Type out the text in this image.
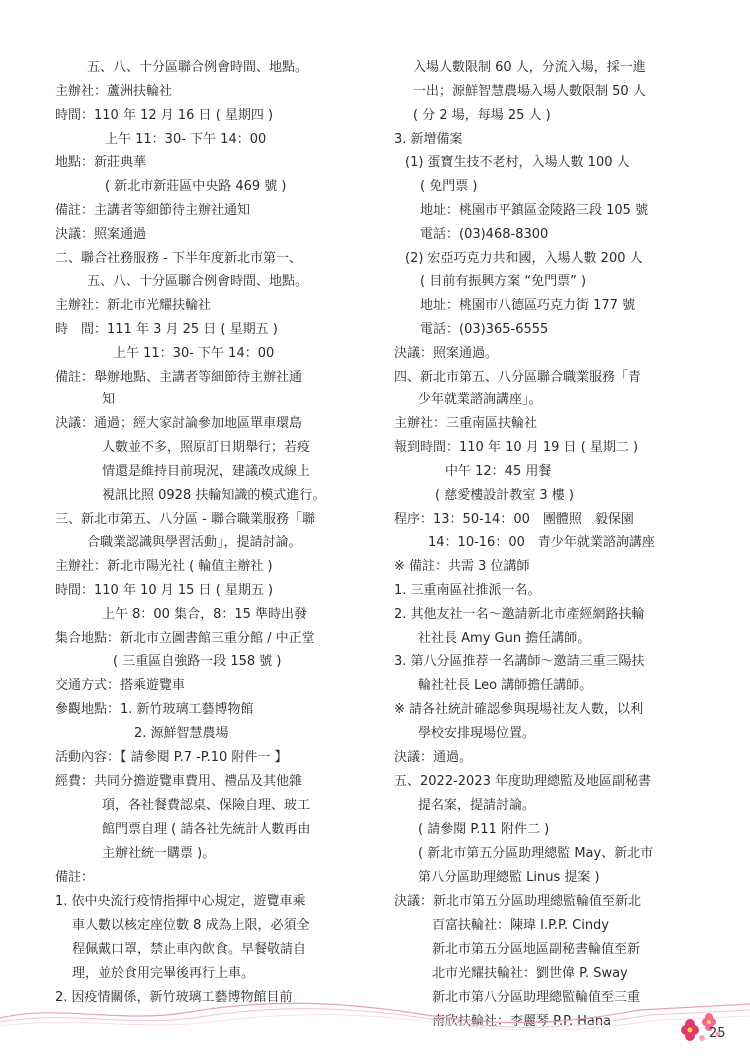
五、八、十分區聯合例會時間、地點。
主辦社：蘆洲扶輪社
時間：110 年 12 月 16 日 ( 星期四 )
上午 11：30- 下午 14：00
地點：新莊典華
( 新北市新莊區中央路 469 號 )
備註：主講者等細節待主辦社通知
決議：照案通過
二、聯合社務服務 - 下半年度新北市第一、
五、八、十分區聯合例會時間、地點。
主辦社：新北市光耀扶輪社
時　間：111 年 3 月 25 日 ( 星期五 )
上午 11：30- 下午 14：00
備註：舉辦地點、主講者等細節待主辦社通
知
決議：通過；經大家討論參加地區單車環島
人數並不多，照原訂日期舉行；若疫
情還是維持目前現況，建議改成線上
視訊比照 0928 扶輪知識的模式進行。
三、新北市第五、八分區 - 聯合職業服務「聯
合職業認識與學習活動」，提請討論。
主辦社：新北市陽光社 ( 輪值主辦社 )
時間：110 年 10 月 15 日 ( 星期五 )
上午 8：00 集合，8：15 準時出發
集合地點：新北市立圖書館三重分館 / 中正堂
( 三重區自強路一段 158 號 )
交通方式：搭乘遊覽車
參觀地點：1. 新竹玻璃工藝博物館
2. 源鮮智慧農場
活動內容：【 請參閱 P.7 -P.10 附件一 】
經費：共同分擔遊覽車費用、禮品及其他雜
項，各社餐費認桌、保險自理、玻工
館門票自理 ( 請各社先統計人數再由
主辦社統一購票 )。
備註：
1. 依中央流行疫情指揮中心規定，遊覽車乘
車人數以核定座位數 8 成為上限，必須全
程佩戴口罩，禁止車內飲食。早餐敬請自
理，並於食用完畢後再行上車。
2. 因疫情關係，新竹玻璃工藝博物館目前
入場人數限制 60 人，分流入場，採一進
一出；源鮮智慧農場入場人數限制 50 人
( 分 2 場，每場 25 人 )
3. 新增備案
(1) 蛋寶生技不老村，入場人數 100 人
( 免門票 )
地址：桃園市平鎮區金陵路三段 105 號
電話：(03)468-8300
(2) 宏亞巧克力共和國，入場人數 200 人
( 目前有振興方案 “免門票” )
地址：桃園市八德區巧克力街 177 號
電話：(03)365-6555
決議：照案通過。
四、新北市第五、八分區聯合職業服務「青
少年就業諮詢講座」。
主辦社：三重南區扶輪社
報到時間：110 年 10 月 19 日 ( 星期二 )
中午 12：45 用餐
( 慈愛樓設計教室 3 樓 )
程序：13：50-14：00　團體照　毅保園
14：10-16：00　青少年就業諮詢講座
※ 備註：共需 3 位講師
1. 三重南區社推派一名。
2. 其他友社一名～邀請新北市產經網路扶輪
社社長 Amy Gun 擔任講師。
3. 第八分區推荐一名講師～邀請三重三陽扶
輪社社長 Leo 講師擔任講師。
※ 請各社統計確認參與現場社友人數，以利
學校安排現場位置。
決議：通過。
五、2022-2023 年度助理總監及地區副秘書
提名案，提請討論。
( 請參閱 P.11 附件二 )
( 新北市第五分區助理總監 May、新北市
第八分區助理總監 Linus 提案 )
決議：新北市第五分區助理總監輪值至新北
百富扶輪社：陳瑋 I.P.P. Cindy
新北市第五分區地區副秘書輪值至新
北市光耀扶輪社：劉世偉 P. Sway
新北市第八分區助理總監輪值至三重
南欣扶輪社：李麗琴 P.P. Hana
25
